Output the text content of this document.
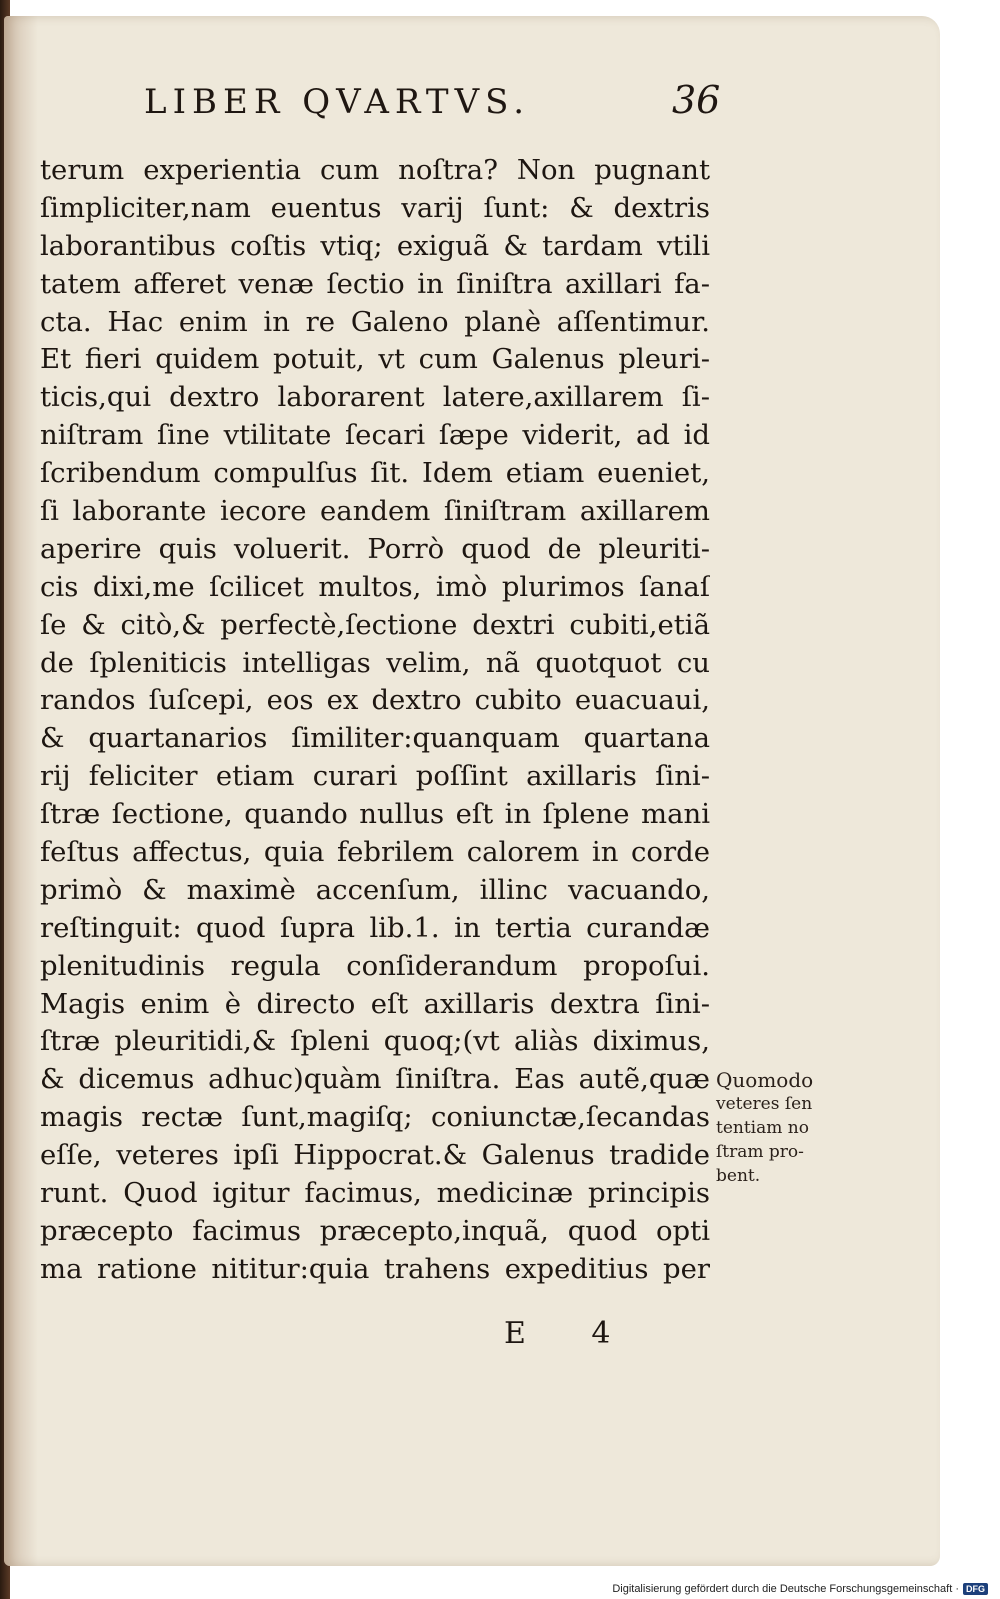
LIBER QVARTVS.	36
terum experientia cum noſtra? Non pugnant
ſimpliciter,nam euentus varij ſunt: & dextris
laborantibus coſtis vtiq; exiguã & tardam vtili
tatem afferet venæ ſectio in ſiniſtra axillari fa-
cta. Hac enim in re Galeno planè aſſentimur.
Et fieri quidem potuit, vt cum Galenus pleuri-
ticis,qui dextro laborarent latere,axillarem ſi-
niſtram ſine vtilitate ſecari ſæpe viderit, ad id
ſcribendum compulſus ſit. Idem etiam eueniet,
ſi laborante iecore eandem ſiniſtram axillarem
aperire quis voluerit. Porrò quod de pleuriti-
cis dixi,me ſcilicet multos, imò plurimos ſanaſ
ſe & citò,& perfectè,ſectione dextri cubiti,etiã
de ſpleniticis intelligas velim, nã quotquot cu
randos ſuſcepi, eos ex dextro cubito euacuaui,
& quartanarios ſimiliter:quanquam quartana
rij feliciter etiam curari poſſint axillaris ſini-
ſtræ ſectione, quando nullus eſt in ſplene mani
feſtus affectus, quia febrilem calorem in corde
primò & maximè accenſum, illinc vacuando,
reſtinguit: quod ſupra lib.1. in tertia curandæ
plenitudinis regula conſiderandum propoſui.
Magis enim è directo eſt axillaris dextra ſini-
ſtræ pleuritidi,& ſpleni quoq;(vt aliàs diximus,
& dicemus adhuc)quàm ſiniſtra. Eas autẽ,quæ
magis rectæ ſunt,magiſq; coniunctæ,ſecandas
eſſe, veteres ipſi Hippocrat.& Galenus tradide
runt. Quod igitur facimus, medicinæ principis
præcepto facimus præcepto,inquã, quod opti
ma ratione nititur:quia trahens expeditius per
Quomodo
veteres ſen
tentiam no
ſtram pro-
bent.
E 4
Digitalisierung gefördert durch die Deutsche Forschungsgemeinschaft · DFG
